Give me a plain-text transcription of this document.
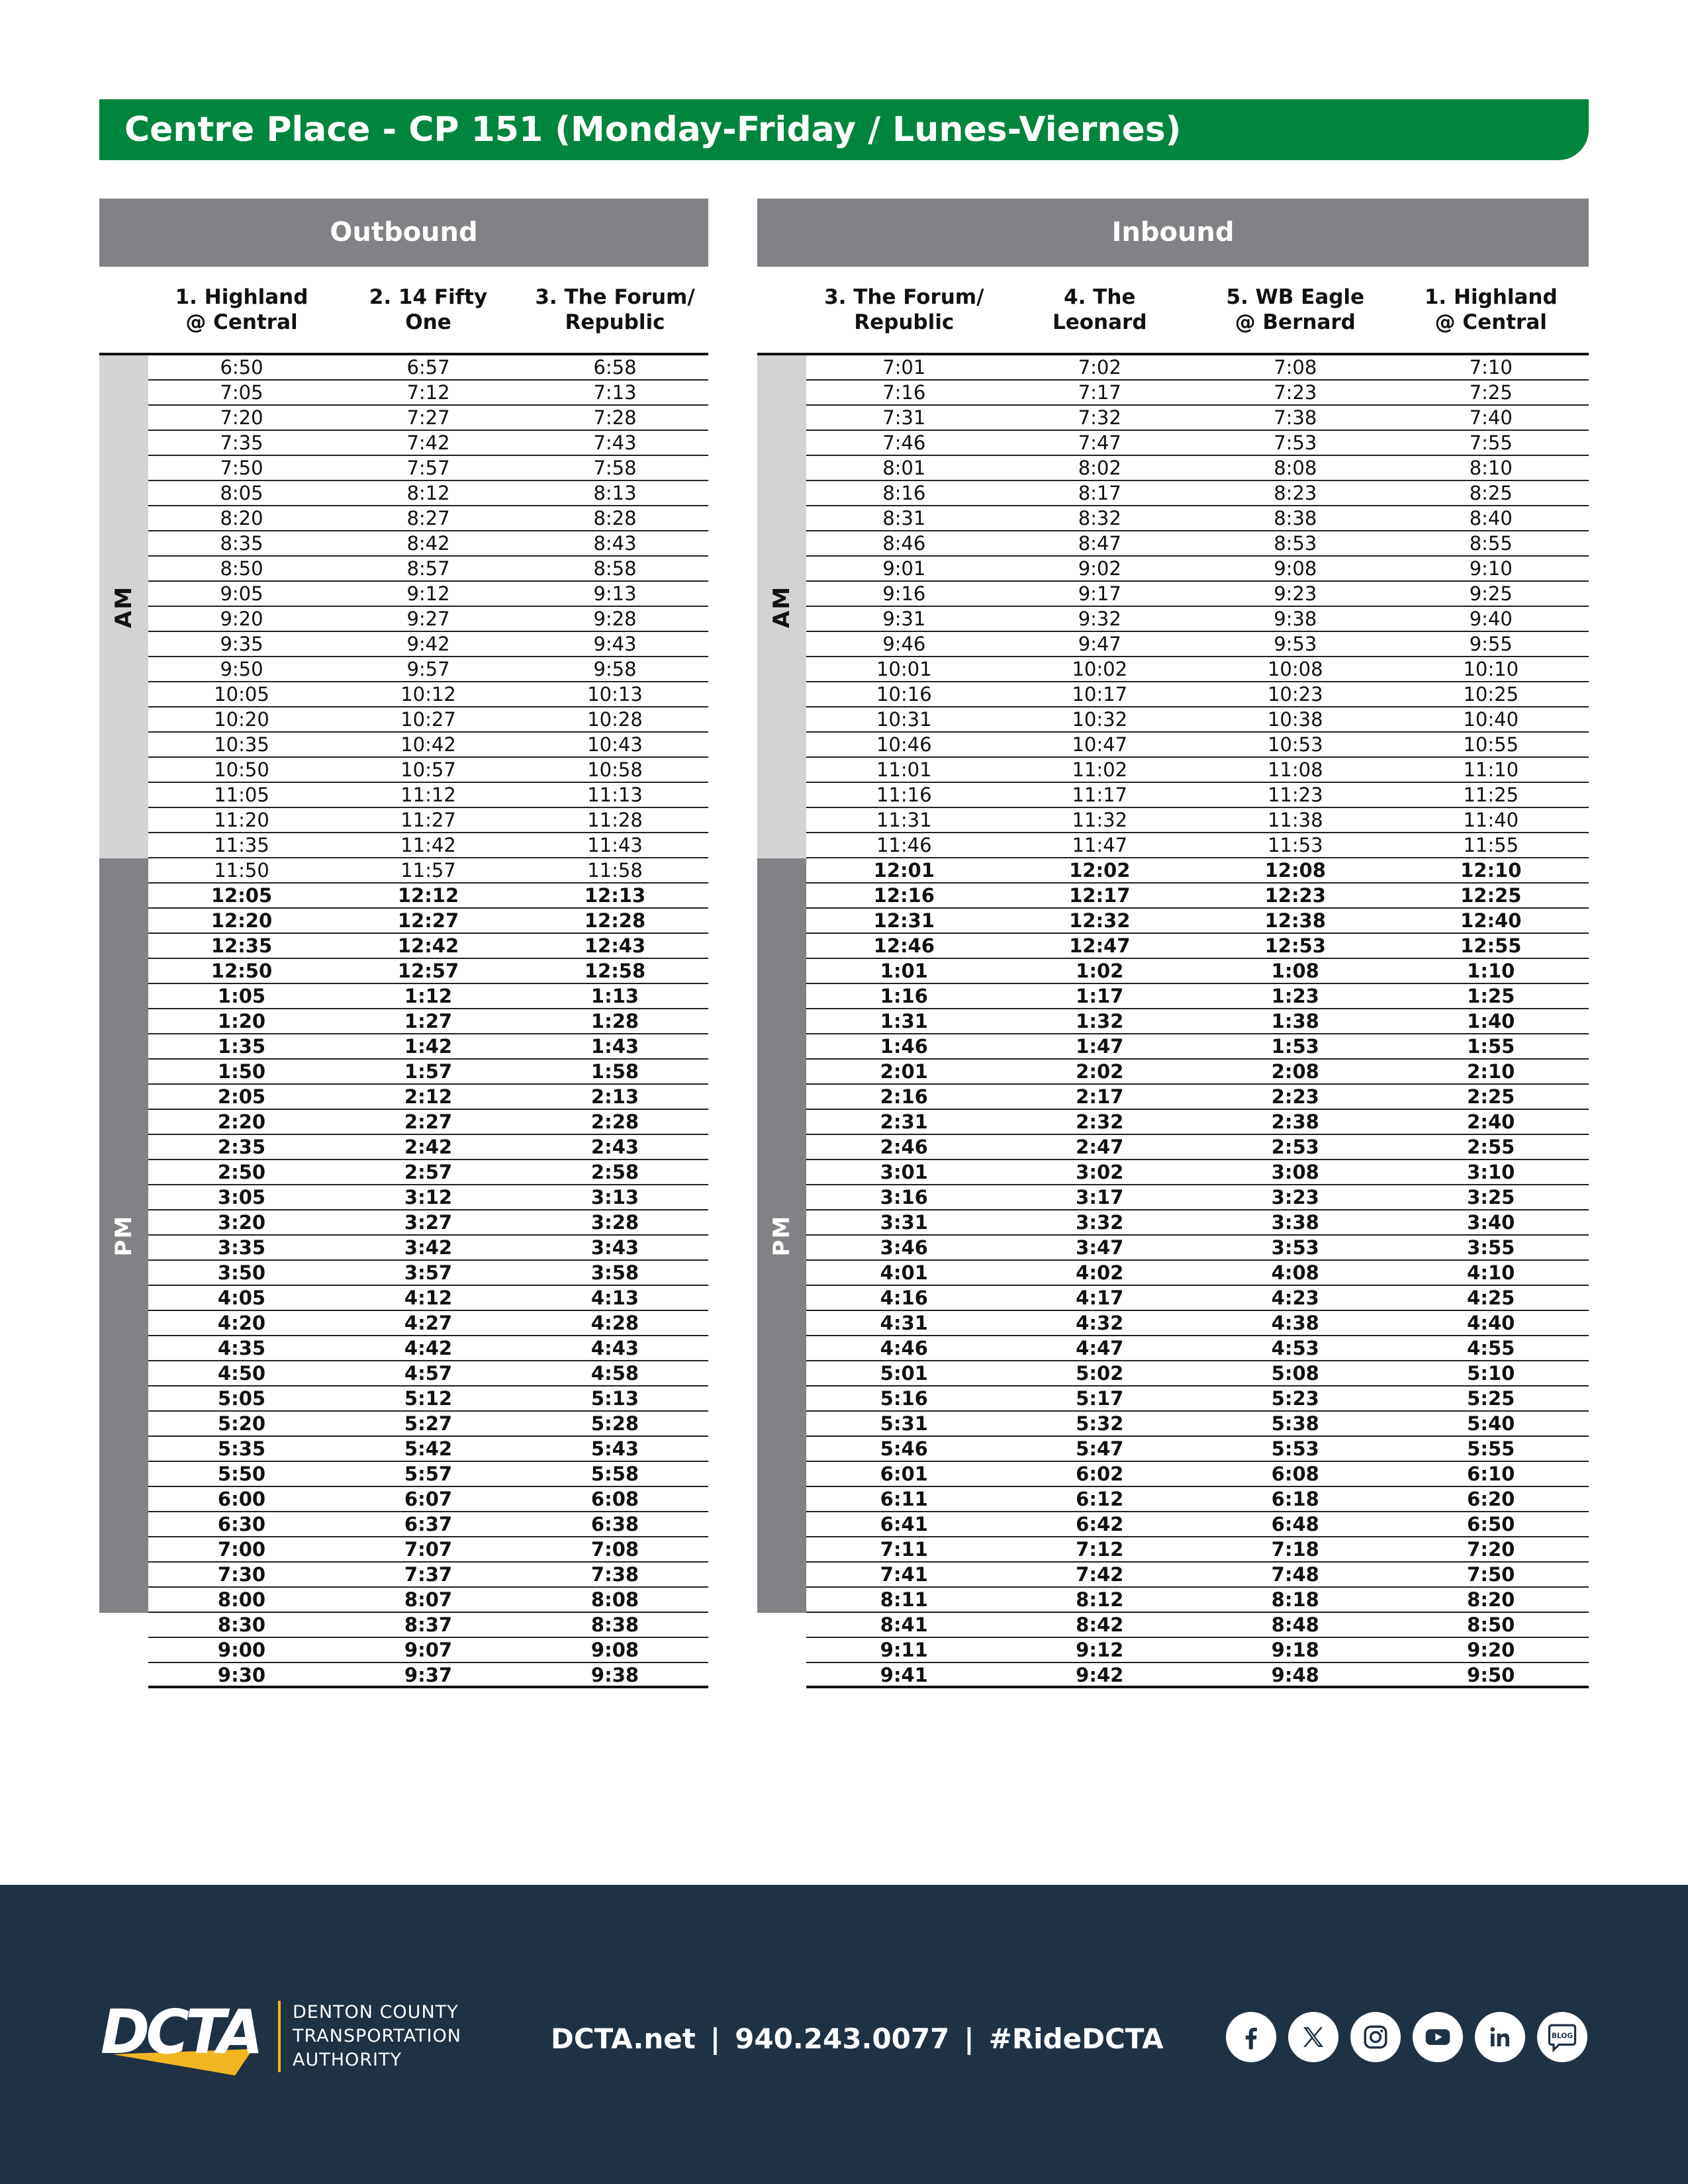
Centre Place - CP 151 (Monday-Friday / Lunes-Viernes)
Outbound
1. Highland
@ Central
2. 14 Fifty
One
3. The Forum/
Republic
AM
PM
6:50	6:57	6:58
7:05	7:12	7:13
7:20	7:27	7:28
7:35	7:42	7:43
7:50	7:57	7:58
8:05	8:12	8:13
8:20	8:27	8:28
8:35	8:42	8:43
8:50	8:57	8:58
9:05	9:12	9:13
9:20	9:27	9:28
9:35	9:42	9:43
9:50	9:57	9:58
10:05	10:12	10:13
10:20	10:27	10:28
10:35	10:42	10:43
10:50	10:57	10:58
11:05	11:12	11:13
11:20	11:27	11:28
11:35	11:42	11:43
11:50	11:57	11:58
12:05	12:12	12:13
12:20	12:27	12:28
12:35	12:42	12:43
12:50	12:57	12:58
1:05	1:12	1:13
1:20	1:27	1:28
1:35	1:42	1:43
1:50	1:57	1:58
2:05	2:12	2:13
2:20	2:27	2:28
2:35	2:42	2:43
2:50	2:57	2:58
3:05	3:12	3:13
3:20	3:27	3:28
3:35	3:42	3:43
3:50	3:57	3:58
4:05	4:12	4:13
4:20	4:27	4:28
4:35	4:42	4:43
4:50	4:57	4:58
5:05	5:12	5:13
5:20	5:27	5:28
5:35	5:42	5:43
5:50	5:57	5:58
6:00	6:07	6:08
6:30	6:37	6:38
7:00	7:07	7:08
7:30	7:37	7:38
8:00	8:07	8:08
8:30	8:37	8:38
9:00	9:07	9:08
9:30	9:37	9:38
Inbound
3. The Forum/
Republic
4. The
Leonard
5. WB Eagle
@ Bernard
1. Highland
@ Central
AM
PM
7:01	7:02	7:08	7:10
7:16	7:17	7:23	7:25
7:31	7:32	7:38	7:40
7:46	7:47	7:53	7:55
8:01	8:02	8:08	8:10
8:16	8:17	8:23	8:25
8:31	8:32	8:38	8:40
8:46	8:47	8:53	8:55
9:01	9:02	9:08	9:10
9:16	9:17	9:23	9:25
9:31	9:32	9:38	9:40
9:46	9:47	9:53	9:55
10:01	10:02	10:08	10:10
10:16	10:17	10:23	10:25
10:31	10:32	10:38	10:40
10:46	10:47	10:53	10:55
11:01	11:02	11:08	11:10
11:16	11:17	11:23	11:25
11:31	11:32	11:38	11:40
11:46	11:47	11:53	11:55
12:01	12:02	12:08	12:10
12:16	12:17	12:23	12:25
12:31	12:32	12:38	12:40
12:46	12:47	12:53	12:55
1:01	1:02	1:08	1:10
1:16	1:17	1:23	1:25
1:31	1:32	1:38	1:40
1:46	1:47	1:53	1:55
2:01	2:02	2:08	2:10
2:16	2:17	2:23	2:25
2:31	2:32	2:38	2:40
2:46	2:47	2:53	2:55
3:01	3:02	3:08	3:10
3:16	3:17	3:23	3:25
3:31	3:32	3:38	3:40
3:46	3:47	3:53	3:55
4:01	4:02	4:08	4:10
4:16	4:17	4:23	4:25
4:31	4:32	4:38	4:40
4:46	4:47	4:53	4:55
5:01	5:02	5:08	5:10
5:16	5:17	5:23	5:25
5:31	5:32	5:38	5:40
5:46	5:47	5:53	5:55
6:01	6:02	6:08	6:10
6:11	6:12	6:18	6:20
6:41	6:42	6:48	6:50
7:11	7:12	7:18	7:20
7:41	7:42	7:48	7:50
8:11	8:12	8:18	8:20
8:41	8:42	8:48	8:50
9:11	9:12	9:18	9:20
9:41	9:42	9:48	9:50
DCTA DENTON COUNTY
TRANSPORTATION
AUTHORITY
DCTA.net | 940.243.0077 | #RideDCTA	BLOG
